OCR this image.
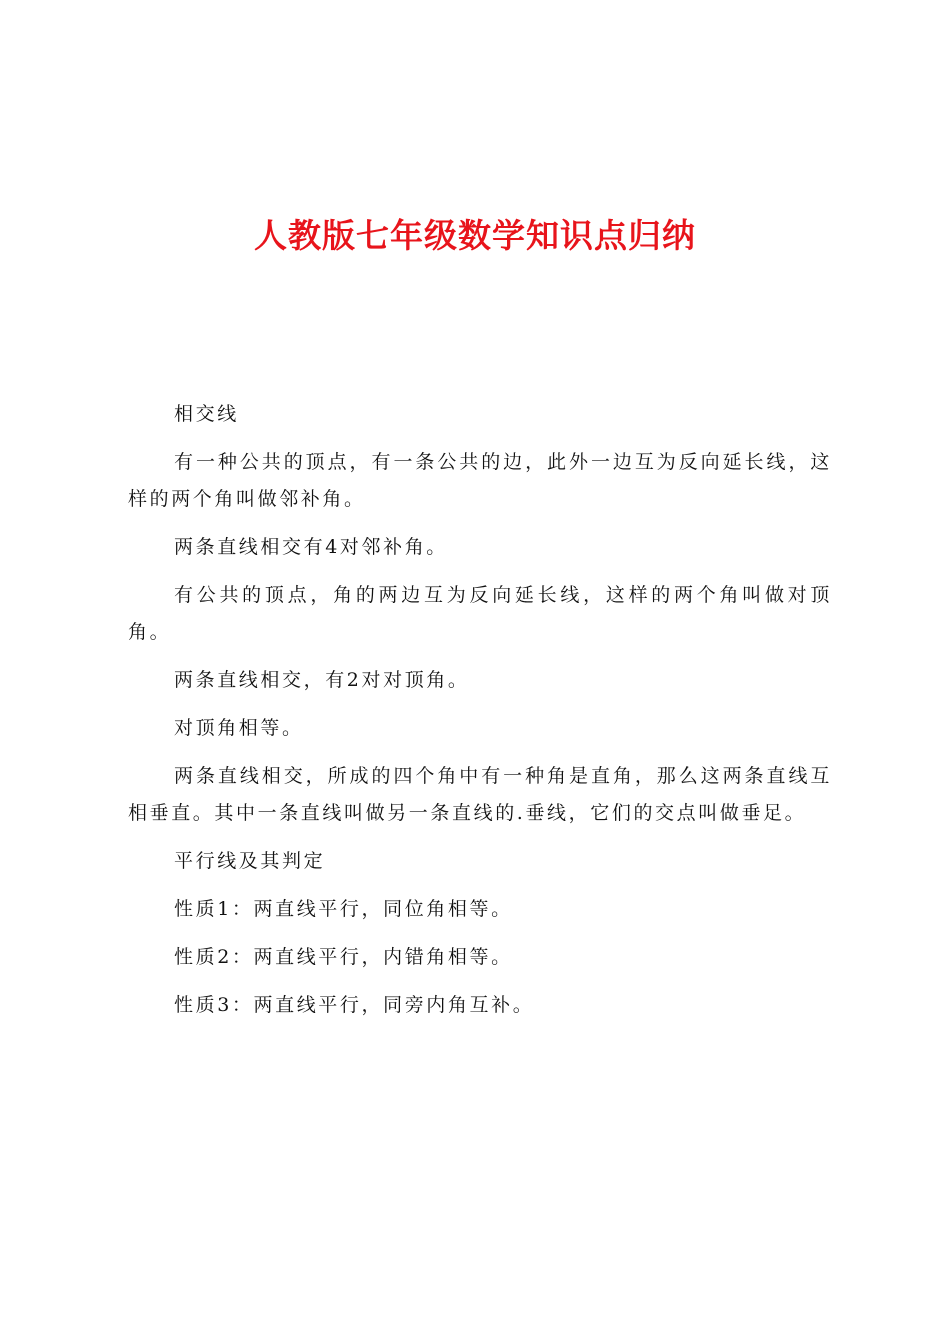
人教版七年级数学知识点归纳

相交线

有一种公共的顶点，有一条公共的边，此外一边互为反向延长线，这样的两个角叫做邻补角。

两条直线相交有4对邻补角。

有公共的顶点，角的两边互为反向延长线，这样的两个角叫做对顶角。

两条直线相交，有2对对顶角。

对顶角相等。

两条直线相交，所成的四个角中有一种角是直角，那么这两条直线互相垂直。其中一条直线叫做另一条直线的.垂线，它们的交点叫做垂足。

平行线及其判定

性质1：两直线平行，同位角相等。

性质2：两直线平行，内错角相等。

性质3：两直线平行，同旁内角互补。
